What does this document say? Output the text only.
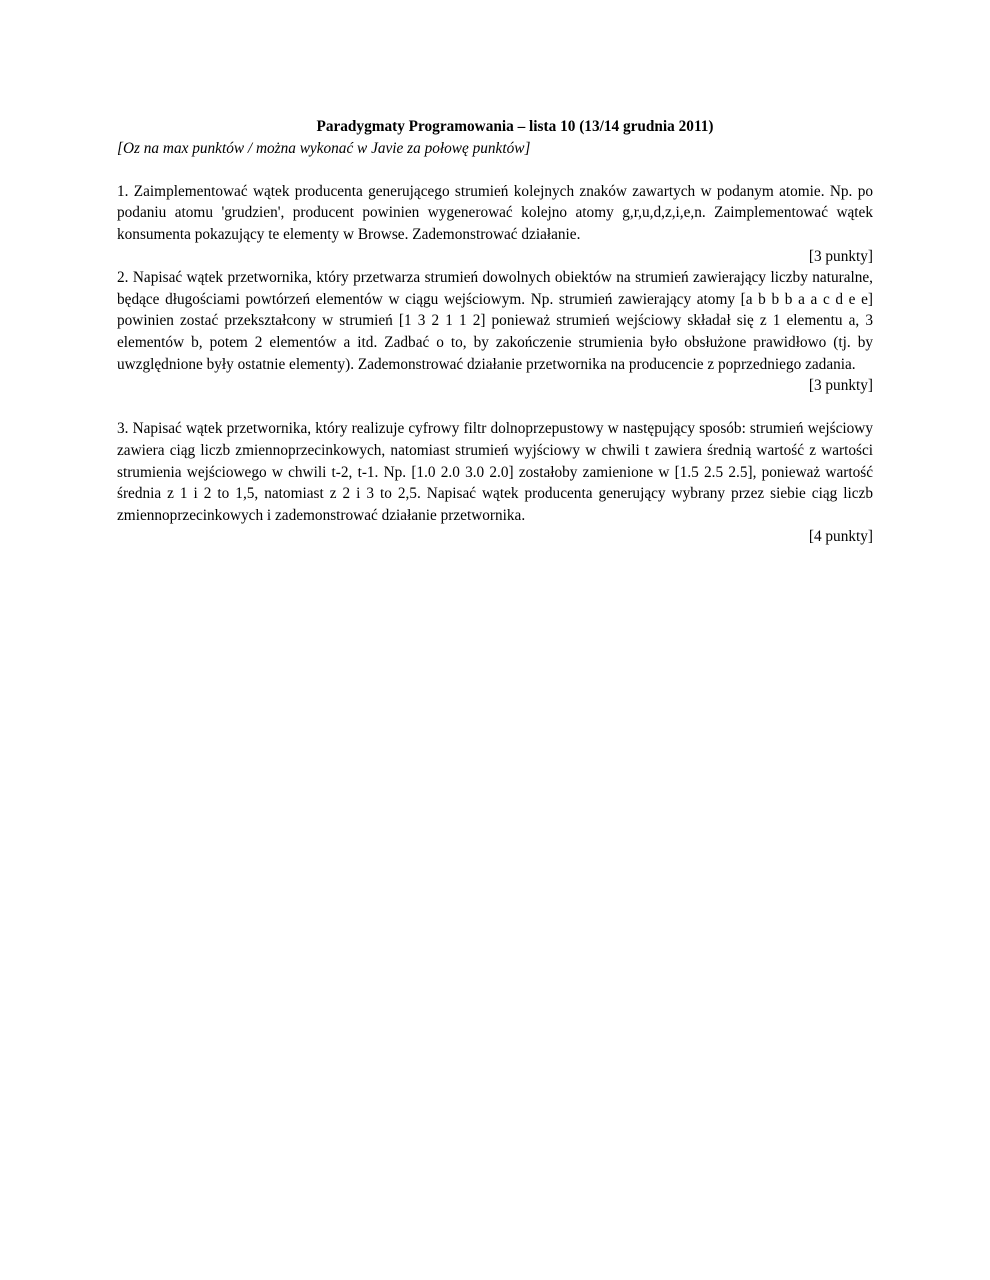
Paradygmaty Programowania – lista 10 (13/14 grudnia 2011)

[Oz na max punktów / można wykonać w Javie za połowę punktów]

1. Zaimplementować wątek producenta generującego strumień kolejnych znaków zawartych w podanym atomie. Np. po podaniu atomu 'grudzien', producent powinien wygenerować kolejno atomy g,r,u,d,z,i,e,n. Zaimplementować wątek konsumenta pokazujący te elementy w Browse. Zademonstrować działanie.

[3 punkty]

2. Napisać wątek przetwornika, który przetwarza strumień dowolnych obiektów na strumień zawierający liczby naturalne, będące długościami powtórzeń elementów w ciągu wejściowym. Np. strumień zawierający atomy [a b b b a a c d e e] powinien zostać przekształcony w strumień [1 3 2 1 1 2] ponieważ strumień wejściowy składał się z 1 elementu a, 3 elementów b, potem 2 elementów a itd. Zadbać o to, by zakończenie strumienia było obsłużone prawidłowo (tj. by uwzględnione były ostatnie elementy). Zademonstrować działanie przetwornika na producencie z poprzedniego zadania.

[3 punkty]

3. Napisać wątek przetwornika, który realizuje cyfrowy filtr dolnoprzepustowy w następujący sposób: strumień wejściowy zawiera ciąg liczb zmiennoprzecinkowych, natomiast strumień wyjściowy w chwili t zawiera średnią wartość z wartości strumienia wejściowego w chwili t-2, t-1. Np. [1.0 2.0 3.0 2.0] zostałoby zamienione w [1.5 2.5 2.5], ponieważ wartość średnia z 1 i 2 to 1,5, natomiast z 2 i 3 to 2,5. Napisać wątek producenta generujący wybrany przez siebie ciąg liczb zmiennoprzecinkowych i zademonstrować działanie przetwornika.

[4 punkty]
